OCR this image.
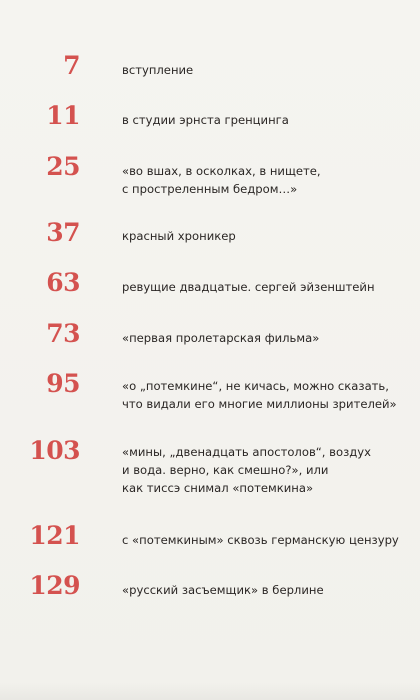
7	вступление
11	в студии эрнста гренцинга
25	«во вшах, в осколках, в нищете,
с простреленным бедром…»
37	красный хроникер
63	ревущие двадцатые. сергей эйзенштейн
73	«первая пролетарская фильма»
95	«о „потемкине“, не кичась, можно сказать,
что видали его многие миллионы зрителей»
103	«мины, „двенадцать апостолов“, воздух
и вода. верно, как смешно?», или
как тиссэ снимал «потемкина»
121	с «потемкиным» сквозь германскую цензуру
129	«русский засъемщик» в берлине
